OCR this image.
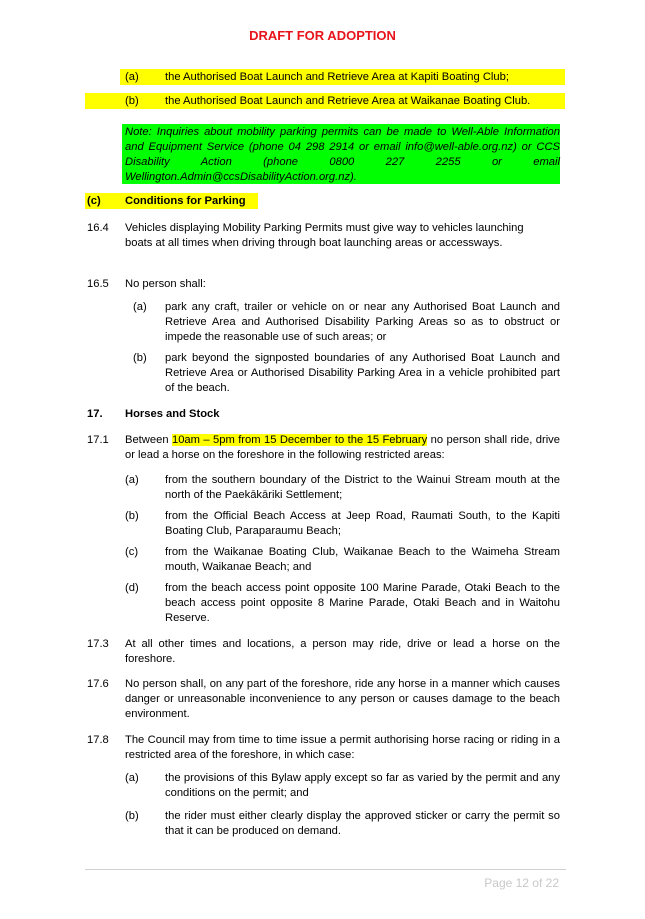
DRAFT FOR ADOPTION
(a) the Authorised Boat Launch and Retrieve Area at Kapiti Boating Club;
(b) the Authorised Boat Launch and Retrieve Area at Waikanae Boating Club.
Note: Inquiries about mobility parking permits can be made to Well-Able Information and Equipment Service (phone 04 298 2914 or email info@well-able.org.nz) or CCS Disability Action (phone 0800 227 2255 or email Wellington.Admin@ccsDisabilityAction.org.nz).
(c) Conditions for Parking
16.4 Vehicles displaying Mobility Parking Permits must give way to vehicles launching boats at all times when driving through boat launching areas or accessways.
16.5 No person shall:
(a) park any craft, trailer or vehicle on or near any Authorised Boat Launch and Retrieve Area and Authorised Disability Parking Areas so as to obstruct or impede the reasonable use of such areas; or
(b) park beyond the signposted boundaries of any Authorised Boat Launch and Retrieve Area or Authorised Disability Parking Area in a vehicle prohibited part of the beach.
17. Horses and Stock
17.1 Between 10am – 5pm from 15 December to the 15 February no person shall ride, drive or lead a horse on the foreshore in the following restricted areas:
(a) from the southern boundary of the District to the Wainui Stream mouth at the north of the Paekākāriki Settlement;
(b) from the Official Beach Access at Jeep Road, Raumati South, to the Kapiti Boating Club, Paraparaumu Beach;
(c) from the Waikanae Boating Club, Waikanae Beach to the Waimeha Stream mouth, Waikanae Beach; and
(d) from the beach access point opposite 100 Marine Parade, Otaki Beach to the beach access point opposite 8 Marine Parade, Otaki Beach and in Waitohu Reserve.
17.3 At all other times and locations, a person may ride, drive or lead a horse on the foreshore.
17.6 No person shall, on any part of the foreshore, ride any horse in a manner which causes danger or unreasonable inconvenience to any person or causes damage to the beach environment.
17.8 The Council may from time to time issue a permit authorising horse racing or riding in a restricted area of the foreshore, in which case:
(a) the provisions of this Bylaw apply except so far as varied by the permit and any conditions on the permit; and
(b) the rider must either clearly display the approved sticker or carry the permit so that it can be produced on demand.
Page 12 of 22
